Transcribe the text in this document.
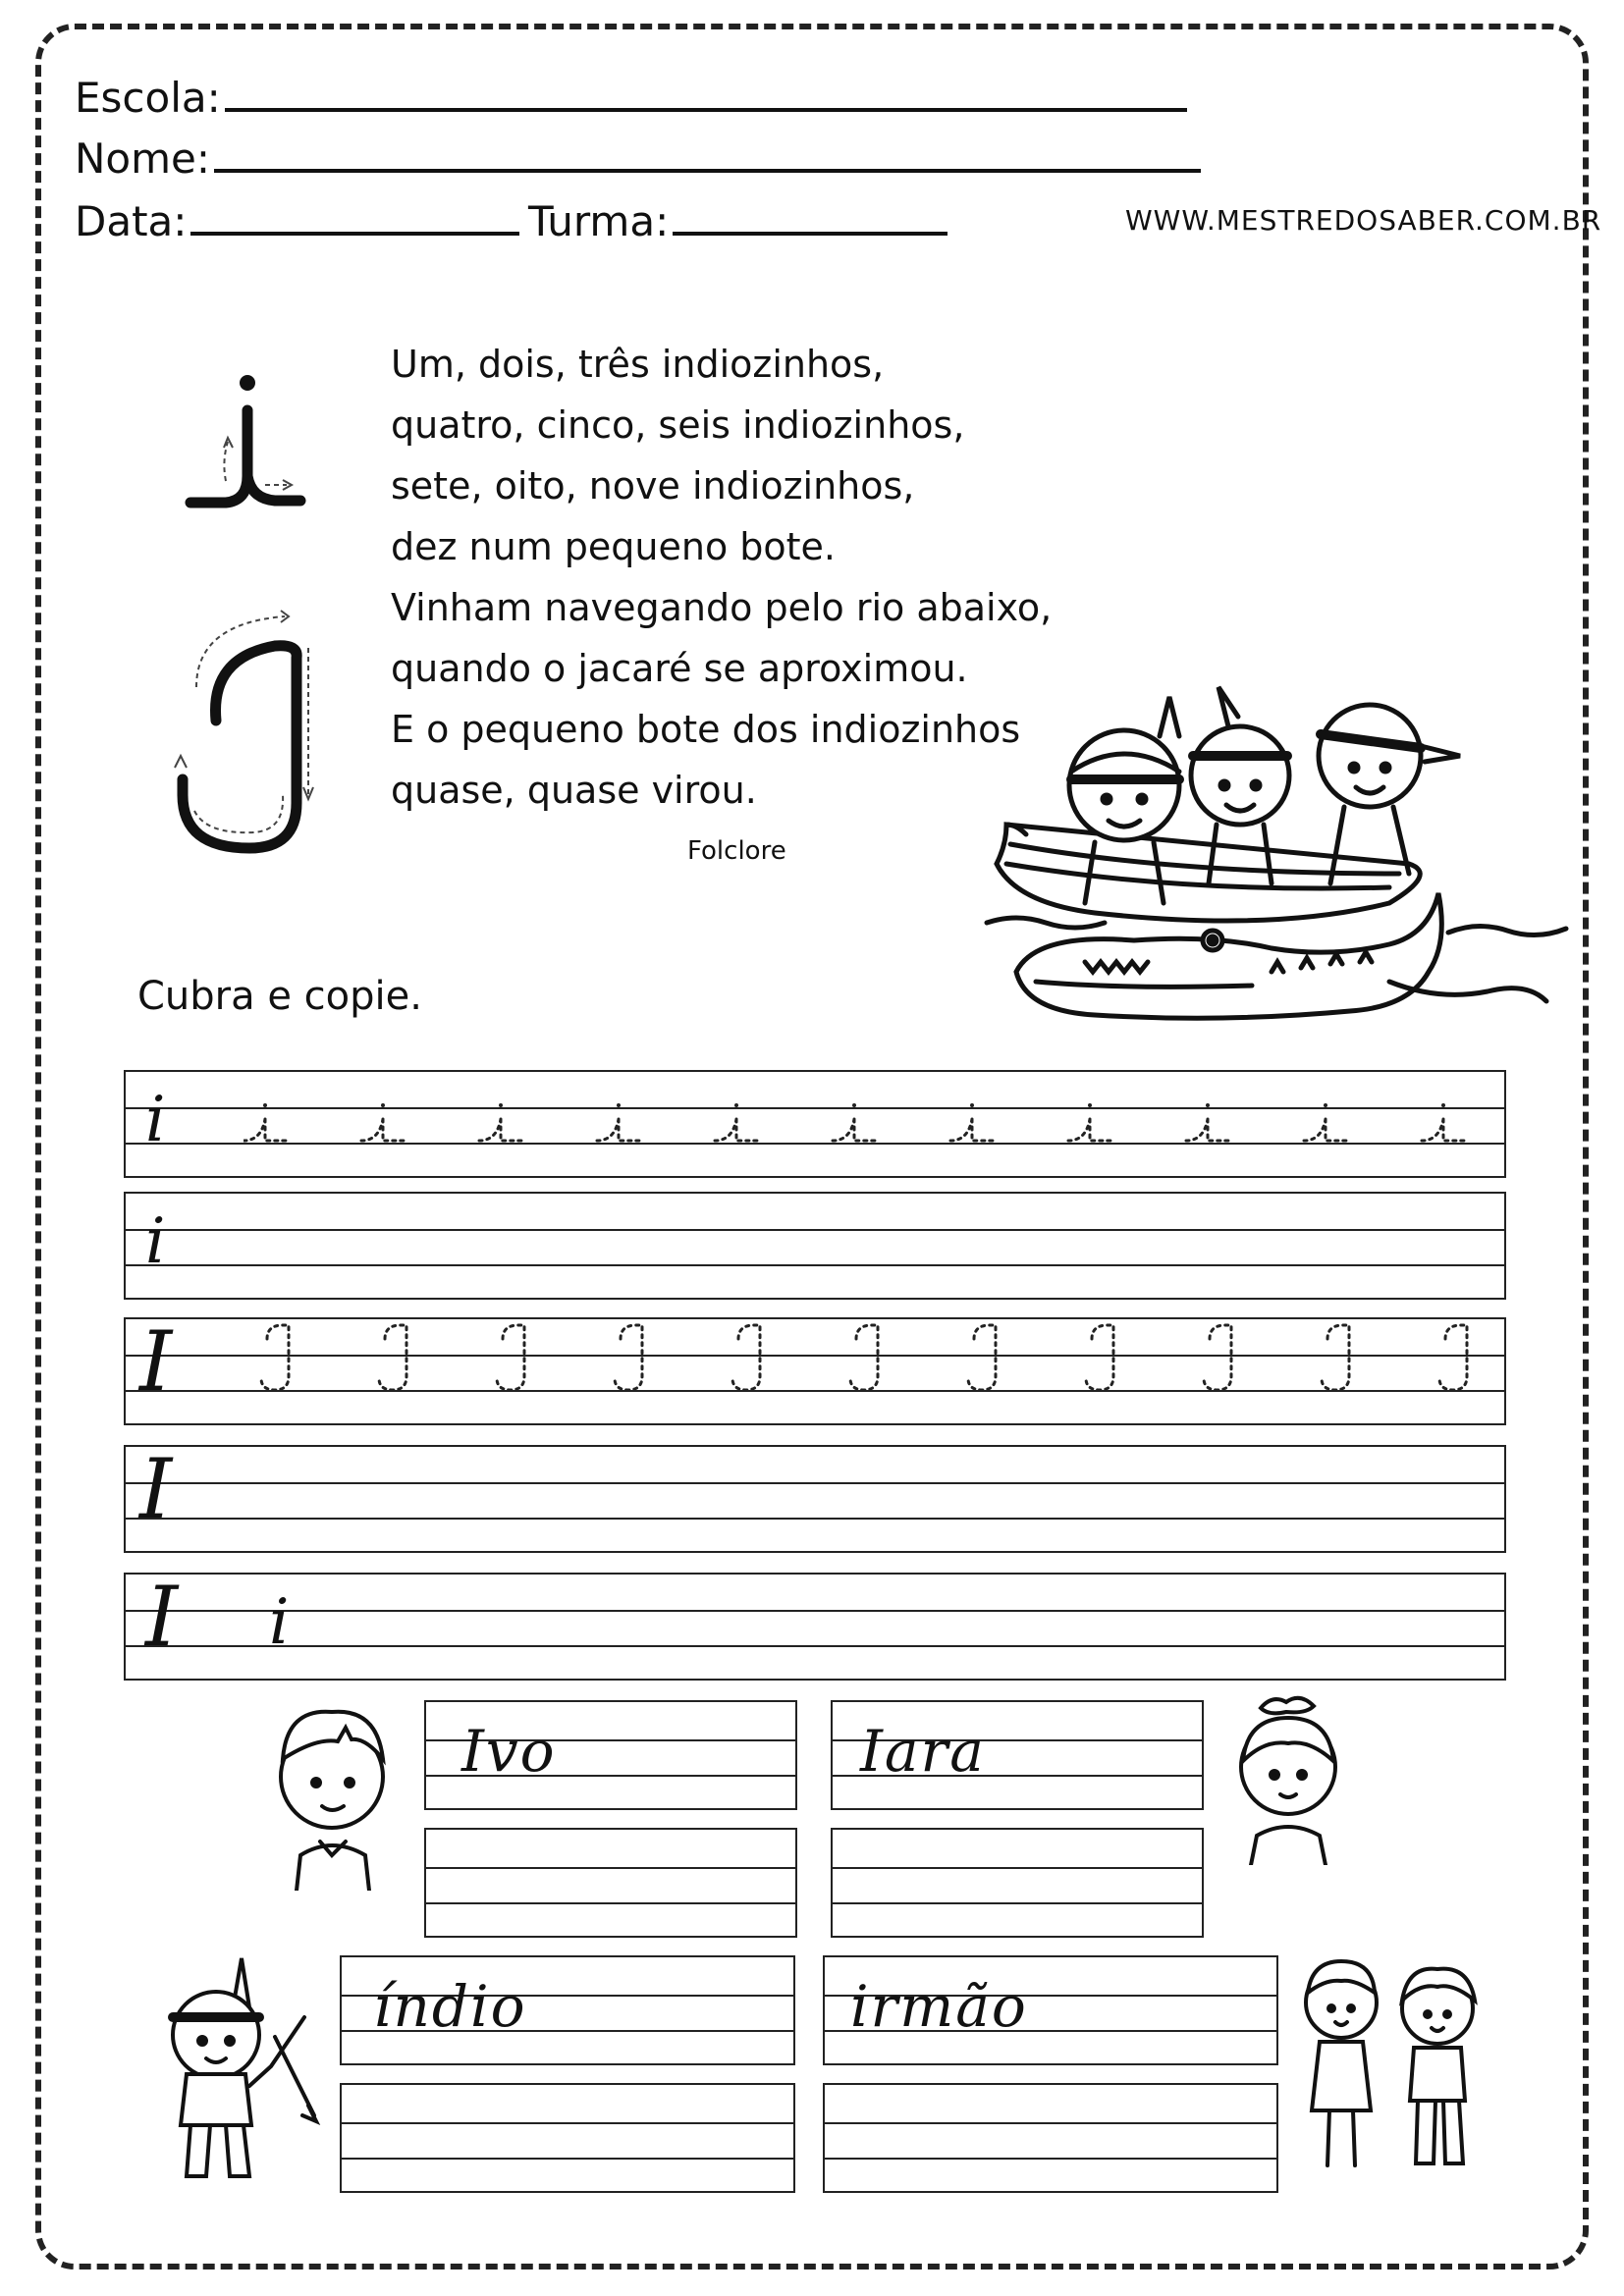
Escola:
Nome:
Data:	Turma:	WWW.MESTREDOSABER.COM.BR
Um, dois, três indiozinhos,
quatro, cinco, seis indiozinhos,
sete, oito, nove indiozinhos,
dez num pequeno bote.
Vinham navegando pelo rio abaixo,
quando o jacaré se aproximou.
E o pequeno bote dos indiozinhos
quase, quase virou.
Folclore
Cubra e copie.
i
i
I
I
I i
Ivo	Iara
índio	irmão
